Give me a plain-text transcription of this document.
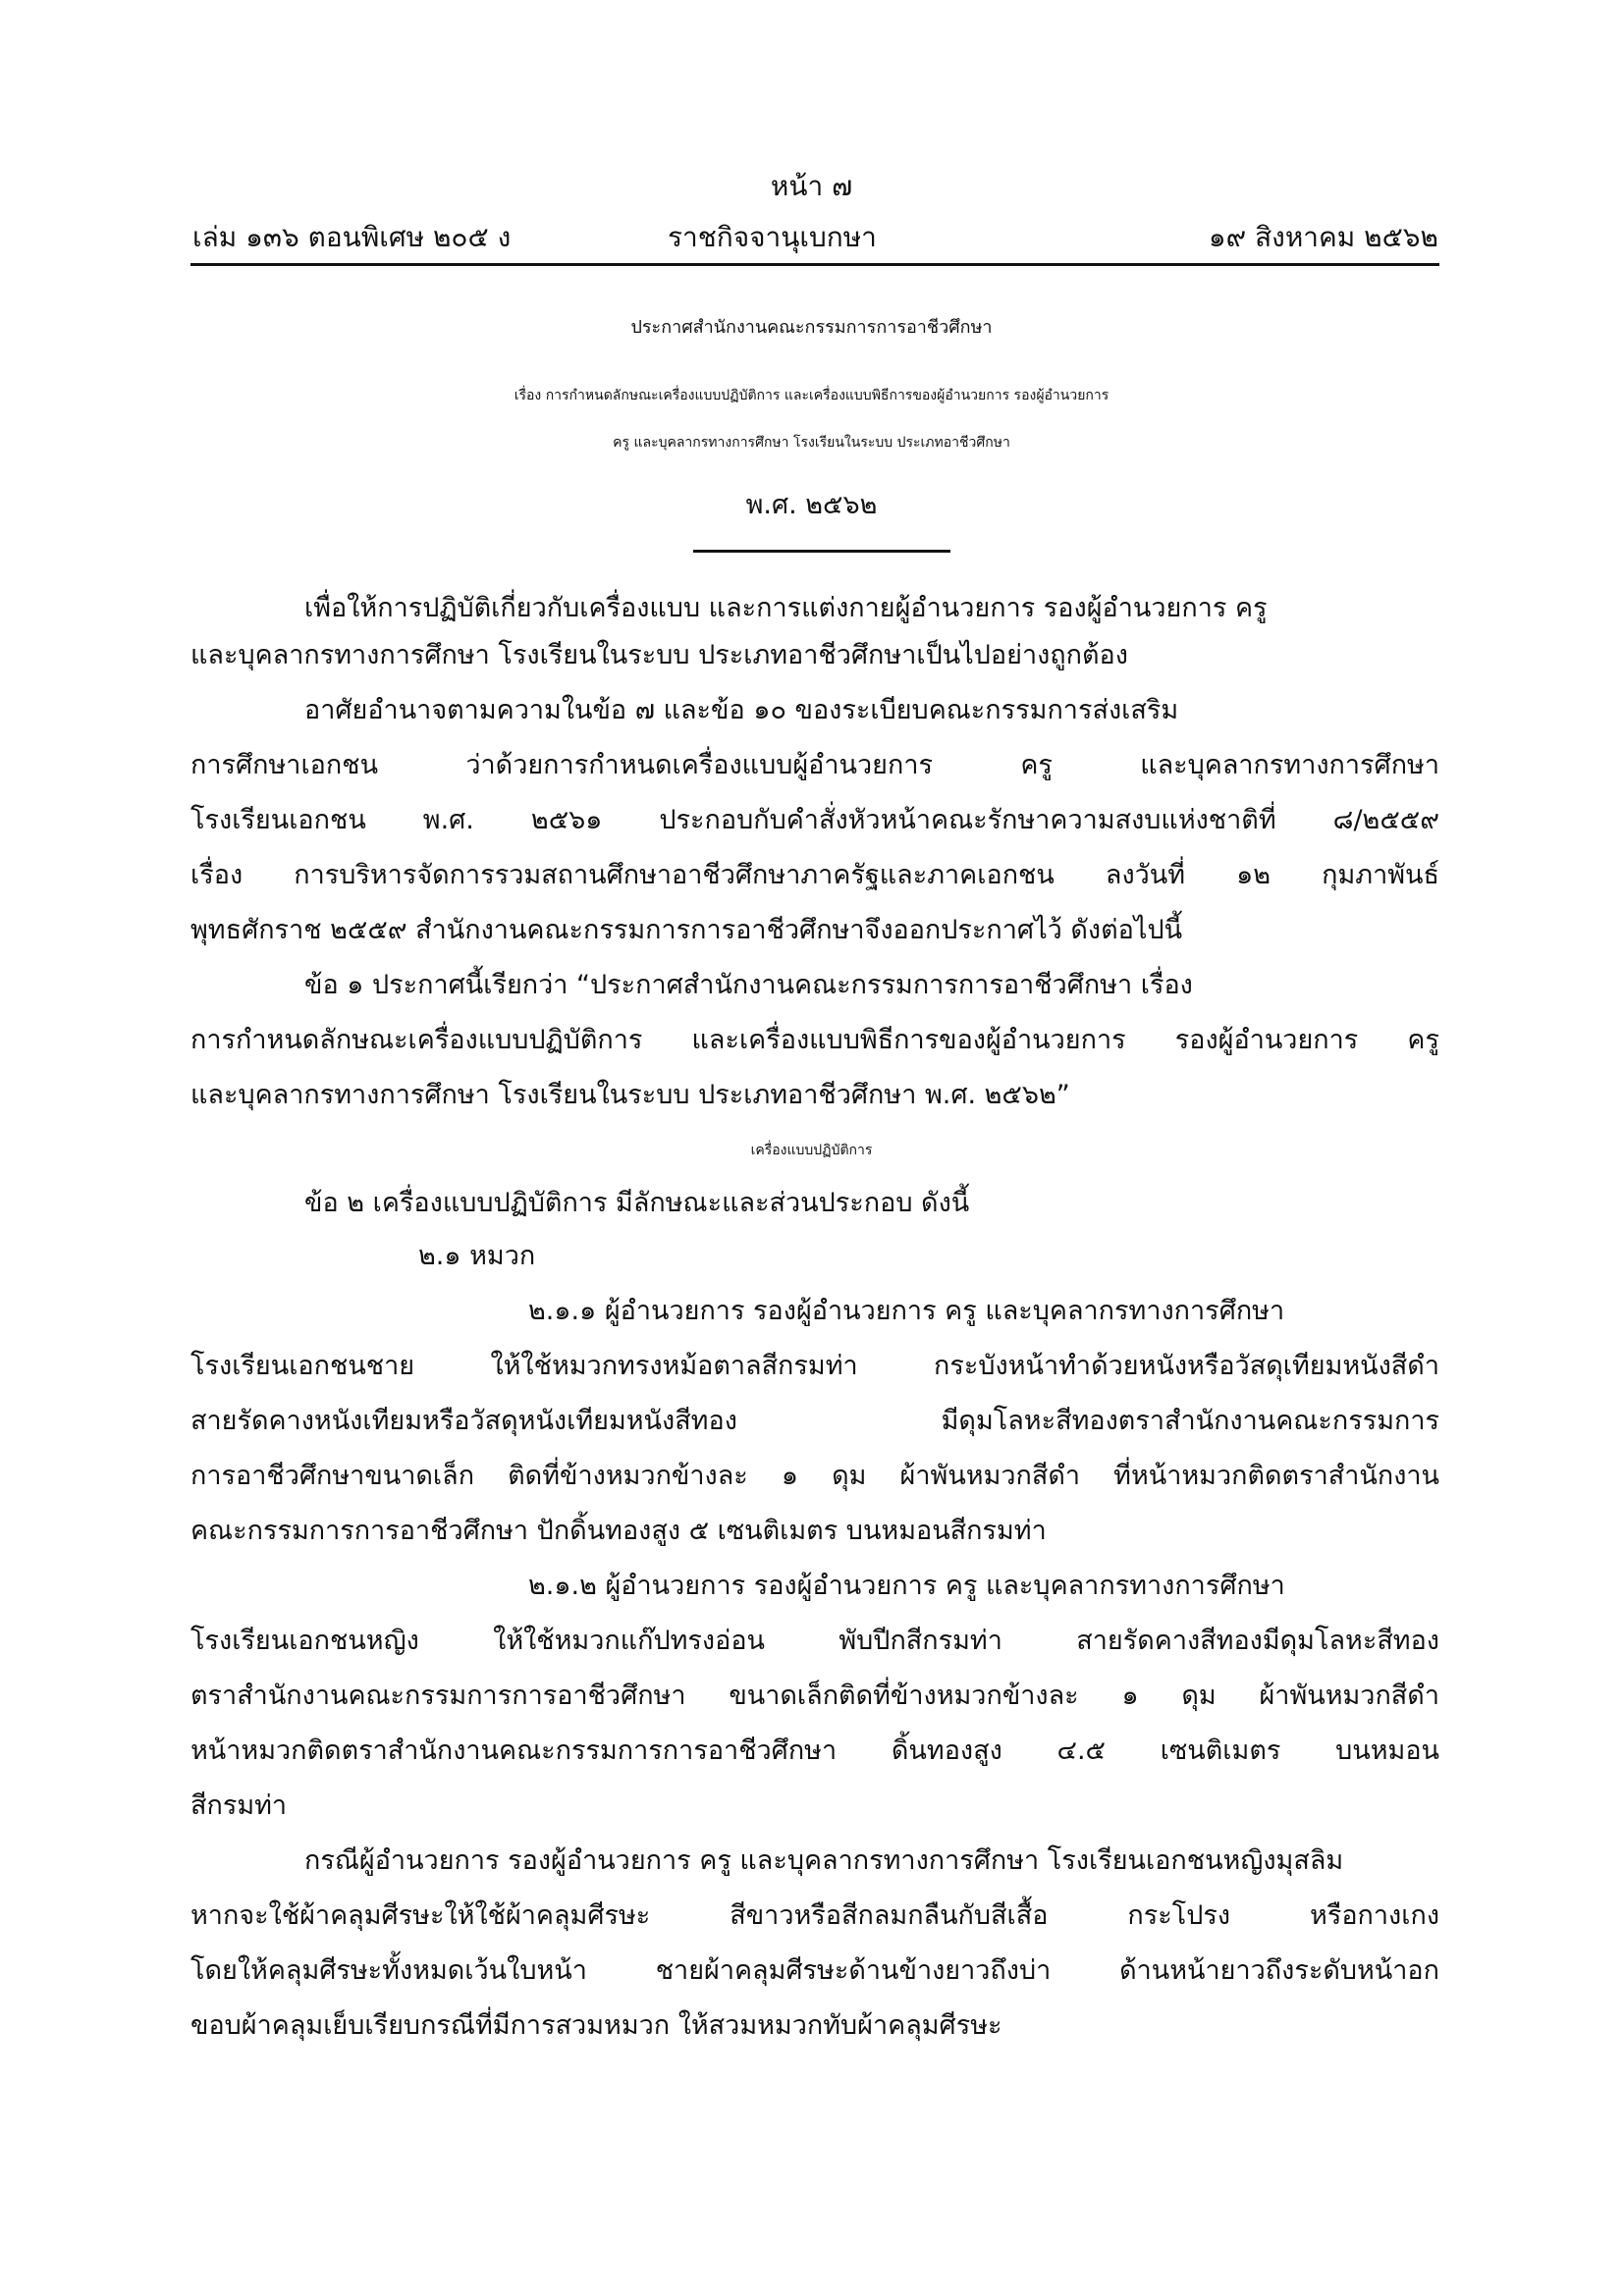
หน้า ๗
เล่ม ๑๓๖ ตอนพิเศษ ๒๐๕ ง	ราชกิจจานุเบกษา	๑๙ สิงหาคม ๒๕๖๒
ประกาศสำนักงานคณะกรรมการการอาชีวศึกษา
เรื่อง การกำหนดลักษณะเครื่องแบบปฏิบัติการ และเครื่องแบบพิธีการของผู้อำนวยการ รองผู้อำนวยการ
ครู และบุคลากรทางการศึกษา โรงเรียนในระบบ ประเภทอาชีวศึกษา
พ.ศ. ๒๕๖๒
เพื่อให้การปฏิบัติเกี่ยวกับเครื่องแบบ และการแต่งกายผู้อำนวยการ รองผู้อำนวยการ ครู
และบุคลากรทางการศึกษา โรงเรียนในระบบ ประเภทอาชีวศึกษาเป็นไปอย่างถูกต้อง
อาศัยอำนาจตามความในข้อ ๗ และข้อ ๑๐ ของระเบียบคณะกรรมการส่งเสริม
การศึกษาเอกชน ว่าด้วยการกำหนดเครื่องแบบผู้อำนวยการ ครู และบุคลากรทางการศึกษา
โรงเรียนเอกชน พ.ศ. ๒๕๖๑ ประกอบกับคำสั่งหัวหน้าคณะรักษาความสงบแห่งชาติที่ ๘/๒๕๕๙
เรื่อง การบริหารจัดการรวมสถานศึกษาอาชีวศึกษาภาครัฐและภาคเอกชน ลงวันที่ ๑๒ กุมภาพันธ์
พุทธศักราช ๒๕๕๙ สำนักงานคณะกรรมการการอาชีวศึกษาจึงออกประกาศไว้ ดังต่อไปนี้
ข้อ ๑ ประกาศนี้เรียกว่า “ประกาศสำนักงานคณะกรรมการการอาชีวศึกษา เรื่อง
การกำหนดลักษณะเครื่องแบบปฏิบัติการ และเครื่องแบบพิธีการของผู้อำนวยการ รองผู้อำนวยการ ครู
และบุคลากรทางการศึกษา โรงเรียนในระบบ ประเภทอาชีวศึกษา พ.ศ. ๒๕๖๒”
เครื่องแบบปฏิบัติการ
ข้อ ๒ เครื่องแบบปฏิบัติการ มีลักษณะและส่วนประกอบ ดังนี้
๒.๑ หมวก
๒.๑.๑ ผู้อำนวยการ รองผู้อำนวยการ ครู และบุคลากรทางการศึกษา
โรงเรียนเอกชนชาย ให้ใช้หมวกทรงหม้อตาลสีกรมท่า กระบังหน้าทำด้วยหนังหรือวัสดุเทียมหนังสีดำ
สายรัดคางหนังเทียมหรือวัสดุหนังเทียมหนังสีทอง มีดุมโลหะสีทองตราสำนักงานคณะกรรมการ
การอาชีวศึกษาขนาดเล็ก ติดที่ข้างหมวกข้างละ ๑ ดุม ผ้าพันหมวกสีดำ ที่หน้าหมวกติดตราสำนักงาน
คณะกรรมการการอาชีวศึกษา ปักดิ้นทองสูง ๕ เซนติเมตร บนหมอนสีกรมท่า
๒.๑.๒ ผู้อำนวยการ รองผู้อำนวยการ ครู และบุคลากรทางการศึกษา
โรงเรียนเอกชนหญิง ให้ใช้หมวกแก๊ปทรงอ่อน พับปีกสีกรมท่า สายรัดคางสีทองมีดุมโลหะสีทอง
ตราสำนักงานคณะกรรมการการอาชีวศึกษา ขนาดเล็กติดที่ข้างหมวกข้างละ ๑ ดุม ผ้าพันหมวกสีดำ
หน้าหมวกติดตราสำนักงานคณะกรรมการการอาชีวศึกษา ดิ้นทองสูง ๔.๕ เซนติเมตร บนหมอน
สีกรมท่า
กรณีผู้อำนวยการ รองผู้อำนวยการ ครู และบุคลากรทางการศึกษา โรงเรียนเอกชนหญิงมุสลิม
หากจะใช้ผ้าคลุมศีรษะให้ใช้ผ้าคลุมศีรษะ สีขาวหรือสีกลมกลืนกับสีเสื้อ กระโปรง หรือกางเกง
โดยให้คลุมศีรษะทั้งหมดเว้นใบหน้า ชายผ้าคลุมศีรษะด้านข้างยาวถึงบ่า ด้านหน้ายาวถึงระดับหน้าอก
ขอบผ้าคลุมเย็บเรียบกรณีที่มีการสวมหมวก ให้สวมหมวกทับผ้าคลุมศีรษะ
